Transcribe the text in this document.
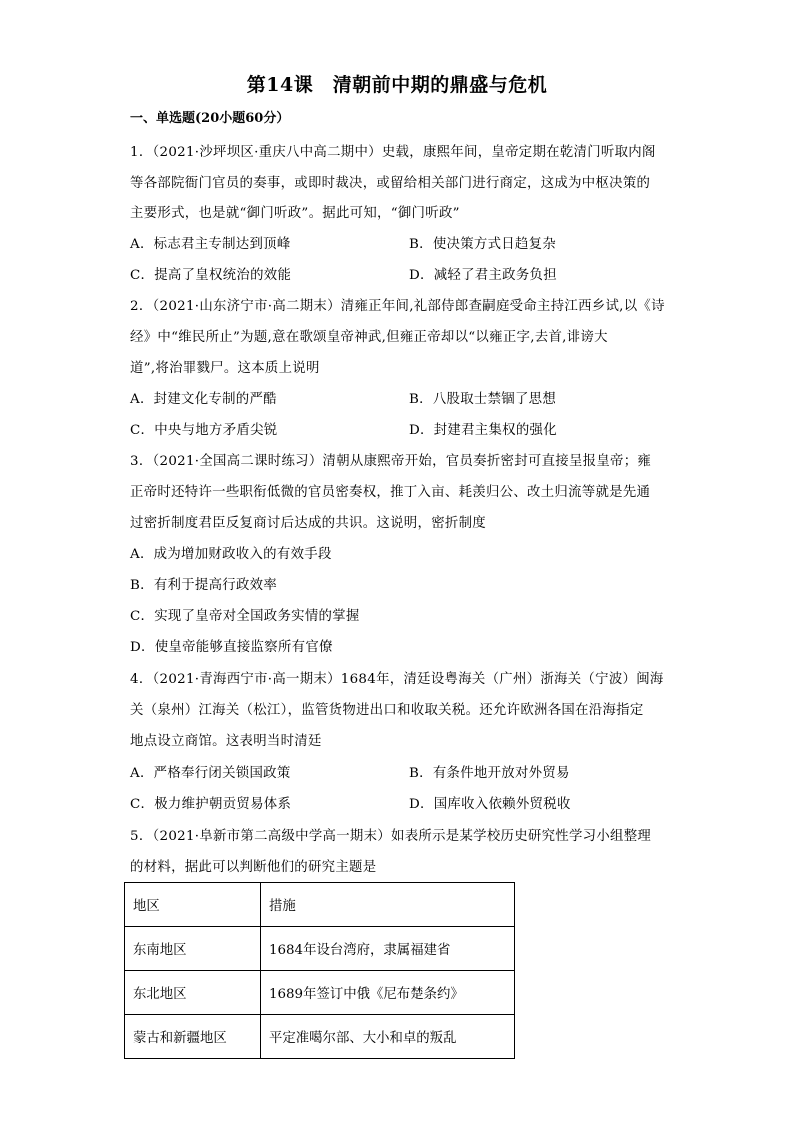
第14课　清朝前中期的鼎盛与危机
一、单选题(20小题60分）
1．（2021·沙坪坝区·重庆八中高二期中）史载，康熙年间，皇帝定期在乾清门听取内阁
等各部院衙门官员的奏事，或即时裁决，或留给相关部门进行商定，这成为中枢决策的
主要形式，也是就“御门听政”。据此可知，“御门听政”
A．标志君主专制达到顶峰	B．使决策方式日趋复杂
C．提高了皇权统治的效能	D．减轻了君主政务负担
2．（2021·山东济宁市·高二期末）清雍正年间,礼部侍郎查嗣庭受命主持江西乡试,以《诗
经》中“维民所止”为题,意在歌颂皇帝神武,但雍正帝却以“以雍正字,去首,诽谤大
道”,将治罪戮尸。这本质上说明
A．封建文化专制的严酷	B．八股取士禁锢了思想
C．中央与地方矛盾尖锐	D．封建君主集权的强化
3．（2021·全国高二课时练习）清朝从康熙帝开始，官员奏折密封可直接呈报皇帝；雍
正帝时还特许一些职衔低微的官员密奏权，推丁入亩、耗羡归公、改土归流等就是先通
过密折制度君臣反复商讨后达成的共识。这说明，密折制度
A．成为增加财政收入的有效手段
B．有利于提高行政效率
C．实现了皇帝对全国政务实情的掌握
D．使皇帝能够直接监察所有官僚
4．（2021·青海西宁市·高一期末）1684年，清廷设粤海关（广州）浙海关（宁波）闽海
关（泉州）江海关（松江），监管货物进出口和收取关税。还允许欧洲各国在沿海指定
地点设立商馆。这表明当时清廷
A．严格奉行闭关锁国政策	B．有条件地开放对外贸易
C．极力维护朝贡贸易体系	D．国库收入依赖外贸税收
5．（2021·阜新市第二高级中学高一期末）如表所示是某学校历史研究性学习小组整理
的材料，据此可以判断他们的研究主题是
地区	措施
东南地区	1684年设台湾府，隶属福建省
东北地区	1689年签订中俄《尼布楚条约》
蒙古和新疆地区	平定准噶尔部、大小和卓的叛乱
